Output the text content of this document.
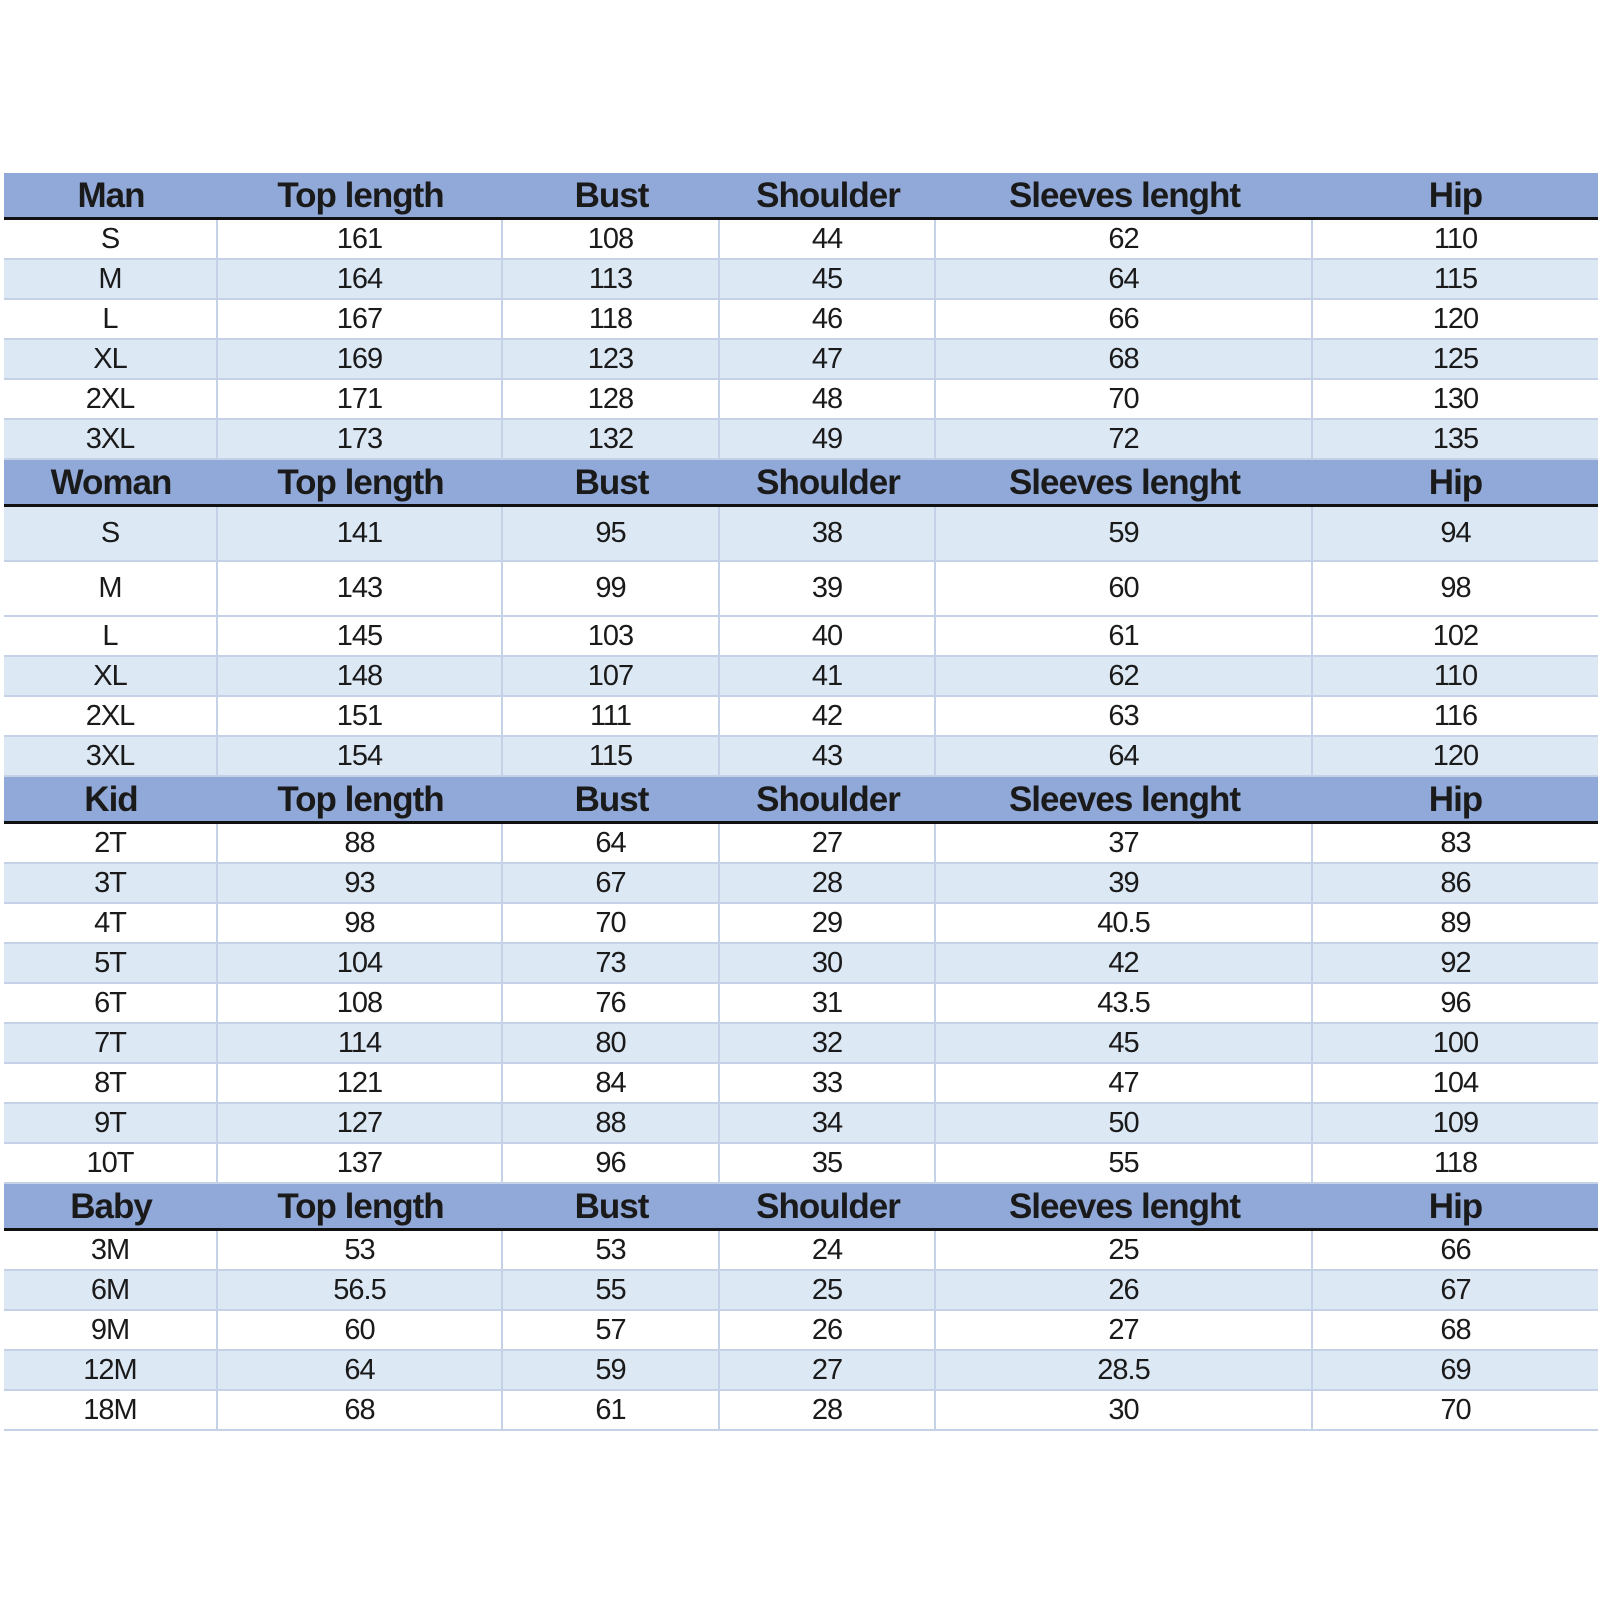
Man	Top length	Bust	Shoulder	Sleeves lenght	Hip
S	161	108	44	62	110
M	164	113	45	64	115
L	167	118	46	66	120
XL	169	123	47	68	125
2XL	171	128	48	70	130
3XL	173	132	49	72	135
Woman	Top length	Bust	Shoulder	Sleeves lenght	Hip
S	141	95	38	59	94
M	143	99	39	60	98
L	145	103	40	61	102
XL	148	107	41	62	110
2XL	151	111	42	63	116
3XL	154	115	43	64	120
Kid	Top length	Bust	Shoulder	Sleeves lenght	Hip
2T	88	64	27	37	83
3T	93	67	28	39	86
4T	98	70	29	40.5	89
5T	104	73	30	42	92
6T	108	76	31	43.5	96
7T	114	80	32	45	100
8T	121	84	33	47	104
9T	127	88	34	50	109
10T	137	96	35	55	118
Baby	Top length	Bust	Shoulder	Sleeves lenght	Hip
3M	53	53	24	25	66
6M	56.5	55	25	26	67
9M	60	57	26	27	68
12M	64	59	27	28.5	69
18M	68	61	28	30	70
